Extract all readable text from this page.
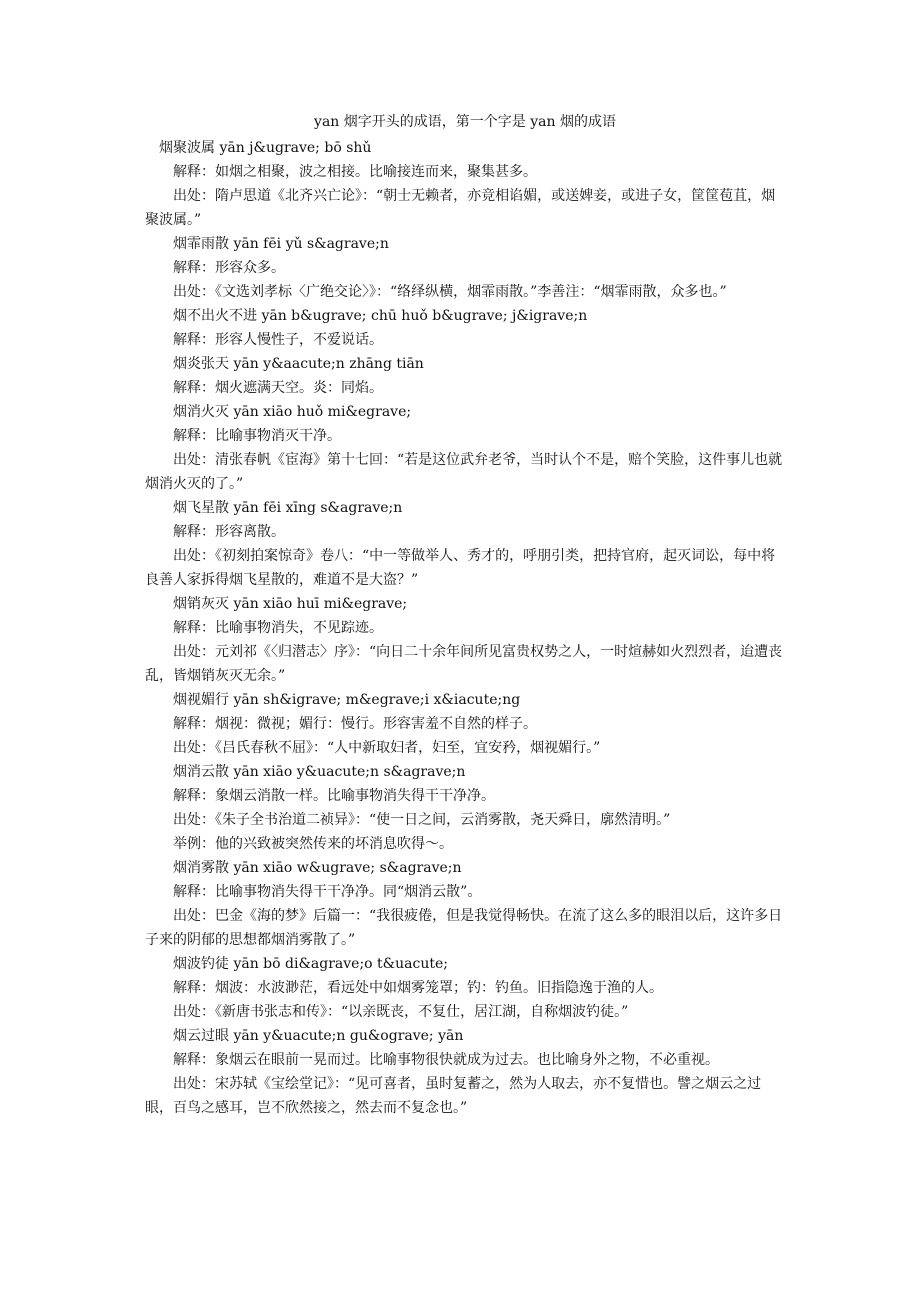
yan 烟字开头的成语，第一个字是 yan 烟的成语

烟聚波属 yān j&ugrave; bō shǔ

解释：如烟之相聚，波之相接。比喻接连而来，聚集甚多。

出处：隋卢思道《北齐兴亡论》：“朝士无赖者，亦竞相谄媚，或送婢妾，或进子女，筐筐苞苴，烟聚波属。”

烟霏雨散 yān fēi yǔ s&agrave;n

解释：形容众多。

出处：《文选刘孝标〈广绝交论〉》：“络绎纵横，烟霏雨散。”李善注：“烟霏雨散，众多也。”

烟不出火不进 yān b&ugrave; chū huǒ b&ugrave; j&igrave;n

解释：形容人慢性子，不爱说话。

烟炎张天 yān y&aacute;n zhāng tiān

解释：烟火遮满天空。炎：同焰。

烟消火灭 yān xiāo huǒ mi&egrave;

解释：比喻事物消灭干净。

出处：清张春帆《宦海》第十七回：“若是这位武弁老爷，当时认个不是，赔个笑脸，这件事儿也就烟消火灭的了。”

烟飞星散 yān fēi xīng s&agrave;n

解释：形容离散。

出处：《初刻拍案惊奇》卷八：“中一等做举人、秀才的，呼朋引类，把持官府，起灭词讼，每中将良善人家拆得烟飞星散的，难道不是大盗？”

烟销灰灭 yān xiāo huī mi&egrave;

解释：比喻事物消失，不见踪迹。

出处：元刘祁《〈归潜志〉序》：“向日二十余年间所见富贵权势之人，一时煊赫如火烈烈者，迨遭丧乱，皆烟销灰灭无余。”

烟视媚行 yān sh&igrave; m&egrave;i x&iacute;ng

解释：烟视：微视；媚行：慢行。形容害羞不自然的样子。

出处：《吕氏春秋不屈》：“人中新取妇者，妇至，宜安矜，烟视媚行。”

烟消云散 yān xiāo y&uacute;n s&agrave;n

解释：象烟云消散一样。比喻事物消失得干干净净。

出处：《朱子全书治道二祯异》：“使一日之间，云消雾散，尧天舜日，廓然清明。”

举例：他的兴致被突然传来的坏消息吹得～。

烟消雾散 yān xiāo w&ugrave; s&agrave;n

解释：比喻事物消失得干干净净。同“烟消云散”。

出处：巴金《海的梦》后篇一：“我很疲倦，但是我觉得畅快。在流了这么多的眼泪以后，这许多日子来的阴郁的思想都烟消雾散了。”

烟波钓徒 yān bō di&agrave;o t&uacute;

解释：烟波：水波渺茫，看远处中如烟雾笼罩；钓：钓鱼。旧指隐逸于渔的人。

出处：《新唐书张志和传》：“以亲既丧，不复仕，居江湖，自称烟波钓徒。”

烟云过眼 yān y&uacute;n gu&ograve; yān

解释：象烟云在眼前一晃而过。比喻事物很快就成为过去。也比喻身外之物，不必重视。

出处：宋苏轼《宝绘堂记》：“见可喜者，虽时复蓄之，然为人取去，亦不复惜也。譬之烟云之过眼，百鸟之感耳，岂不欣然接之，然去而不复念也。”
